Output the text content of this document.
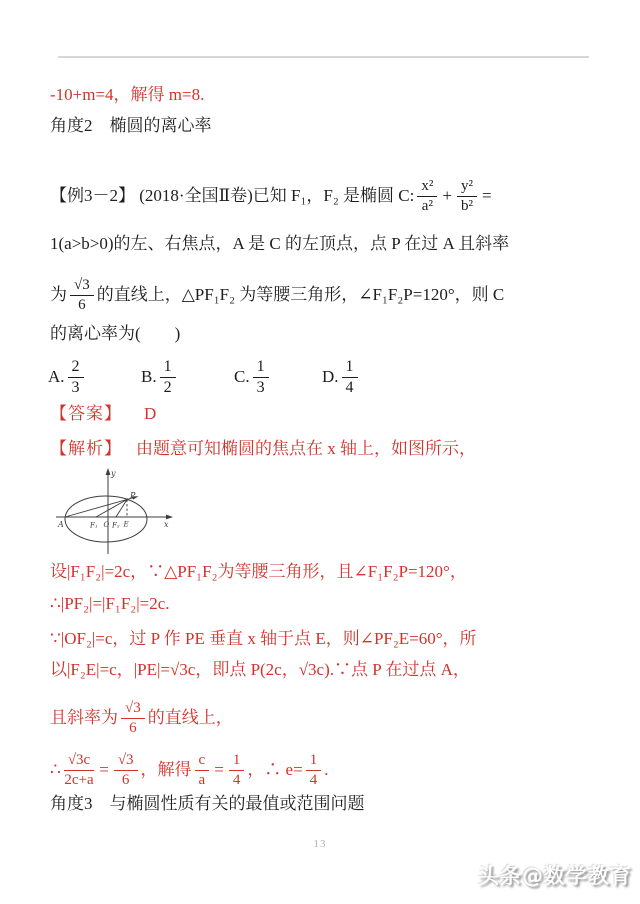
-10+m=4，解得 m=8.
角度2　椭圆的离心率
【例3－2】 (2018·全国Ⅱ卷)已知 F₁，F₂ 是椭圆 C: $\frac{\text{x²}}{\text{a²}} + \frac{\text{y²}}{\text{b²}}$ =
1(a>b>0)的左、右焦点，A 是 C 的左顶点，点 P 在过 A 且斜率
为 $\frac{√3}{6}$ 的直线上，△PF₁F₂ 为等腰三角形，∠F₁F₂P=120°，则 C
的离心率为(　　)
A. $\frac{2}{3}$	B. $\frac{1}{2}$	C. $\frac{1}{3}$	D. $\frac{1}{4}$
【答案】 D
【解析】 由题意可知椭圆的焦点在 x 轴上，如图所示，
y
x
A	F₁ O F₂ E
P
设|F₁F₂|=2c，∵△PF₁F₂为等腰三角形，且∠F₁F₂P=120°，
∴|PF₂|=|F₁F₂|=2c.
∵|OF₂|=c，过 P 作 PE 垂直 x 轴于点 E，则∠PF₂E=60°，所
以|F₂E|=c，|PE|=√3c，即点 P(2c，√3c).∵点 P 在过点 A，
且斜率为 $\frac{√3}{6}$ 的直线上，
∴ $\frac{√3c}{2c+a} = \frac{√3}{6}$ ，解得 $\frac{c}{a} = \frac{1}{4}$ ，∴ $e= \frac{1}{4}$ .
角度3　与椭圆性质有关的最值或范围问题
13
头条@数学教育
